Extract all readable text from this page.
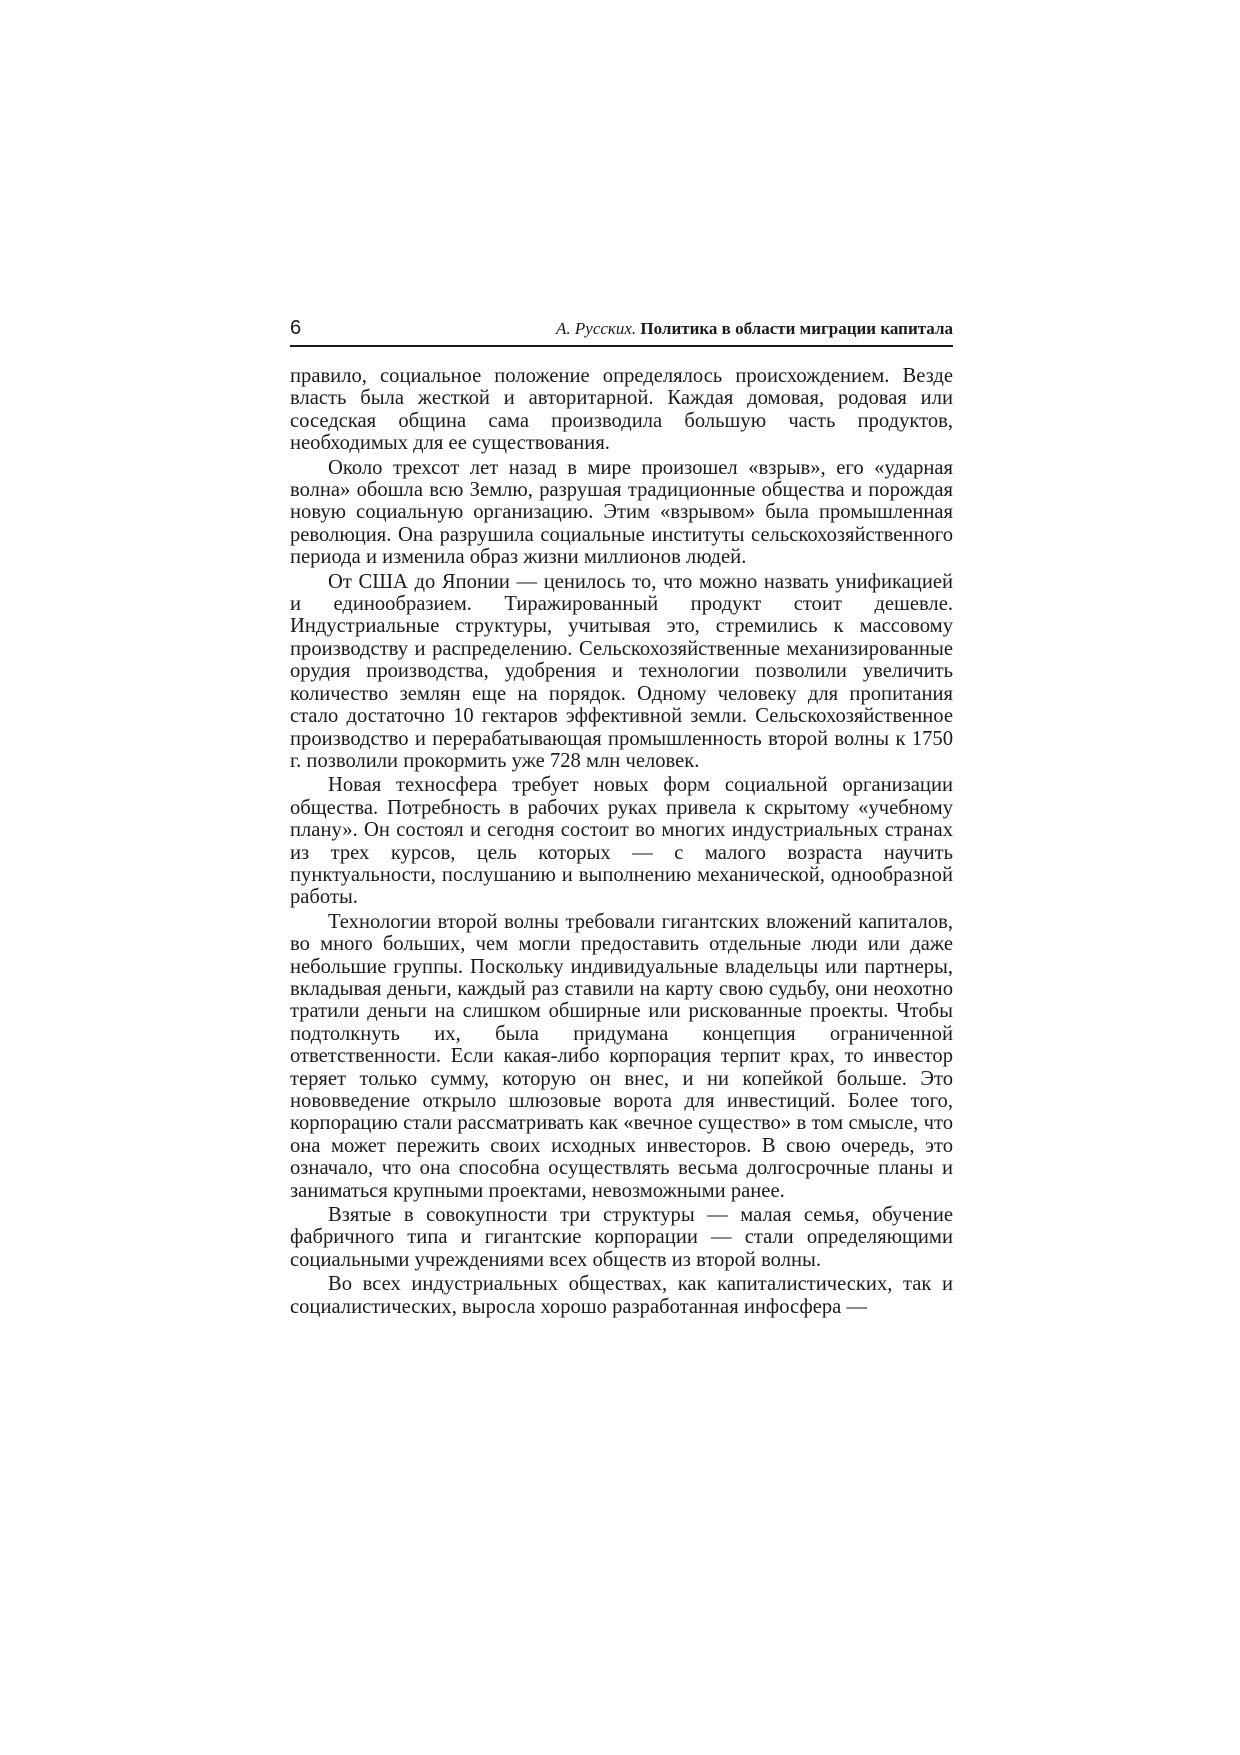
6	А. Русских. Политика в области миграции капитала

правило, социальное положение определялось происхождением. Везде власть была жесткой и авторитарной. Каждая домовая, родовая или соседская община сама производила большую часть продуктов, необходимых для ее существования.

Около трехсот лет назад в мире произошел «взрыв», его «ударная волна» обошла всю Землю, разрушая традиционные общества и порождая новую социальную организацию. Этим «взрывом» была промышленная революция. Она разрушила социальные институты сельскохозяйственного периода и изменила образ жизни миллионов людей.

От США до Японии — ценилось то, что можно назвать унификацией и единообразием. Тиражированный продукт стоит дешевле. Индустриальные структуры, учитывая это, стремились к массовому производству и распределению. Сельскохозяйственные механизированные орудия производства, удобрения и технологии позволили увеличить количество землян еще на порядок. Одному человеку для пропитания стало достаточно 10 гектаров эффективной земли. Сельскохозяйственное производство и перерабатывающая промышленность второй волны к 1750 г. позволили прокормить уже 728 млн человек.

Новая техносфера требует новых форм социальной организации общества. Потребность в рабочих руках привела к скрытому «учебному плану». Он состоял и сегодня состоит во многих индустриальных странах из трех курсов, цель которых — с малого возраста научить пунктуальности, послушанию и выполнению механической, однообразной работы.

Технологии второй волны требовали гигантских вложений капиталов, во много больших, чем могли предоставить отдельные люди или даже небольшие группы. Поскольку индивидуальные владельцы или партнеры, вкладывая деньги, каждый раз ставили на карту свою судьбу, они неохотно тратили деньги на слишком обширные или рискованные проекты. Чтобы подтолкнуть их, была придумана концепция ограниченной ответственности. Если какая-либо корпорация терпит крах, то инвестор теряет только сумму, которую он внес, и ни копейкой больше. Это нововведение открыло шлюзовые ворота для инвестиций. Более того, корпорацию стали рассматривать как «вечное существо» в том смысле, что она может пережить своих исходных инвесторов. В свою очередь, это означало, что она способна осуществлять весьма долгосрочные планы и заниматься крупными проектами, невозможными ранее.

Взятые в совокупности три структуры — малая семья, обучение фабричного типа и гигантские корпорации — стали определяющими социальными учреждениями всех обществ из второй волны.

Во всех индустриальных обществах, как капиталистических, так и социалистических, выросла хорошо разработанная инфосфера —
